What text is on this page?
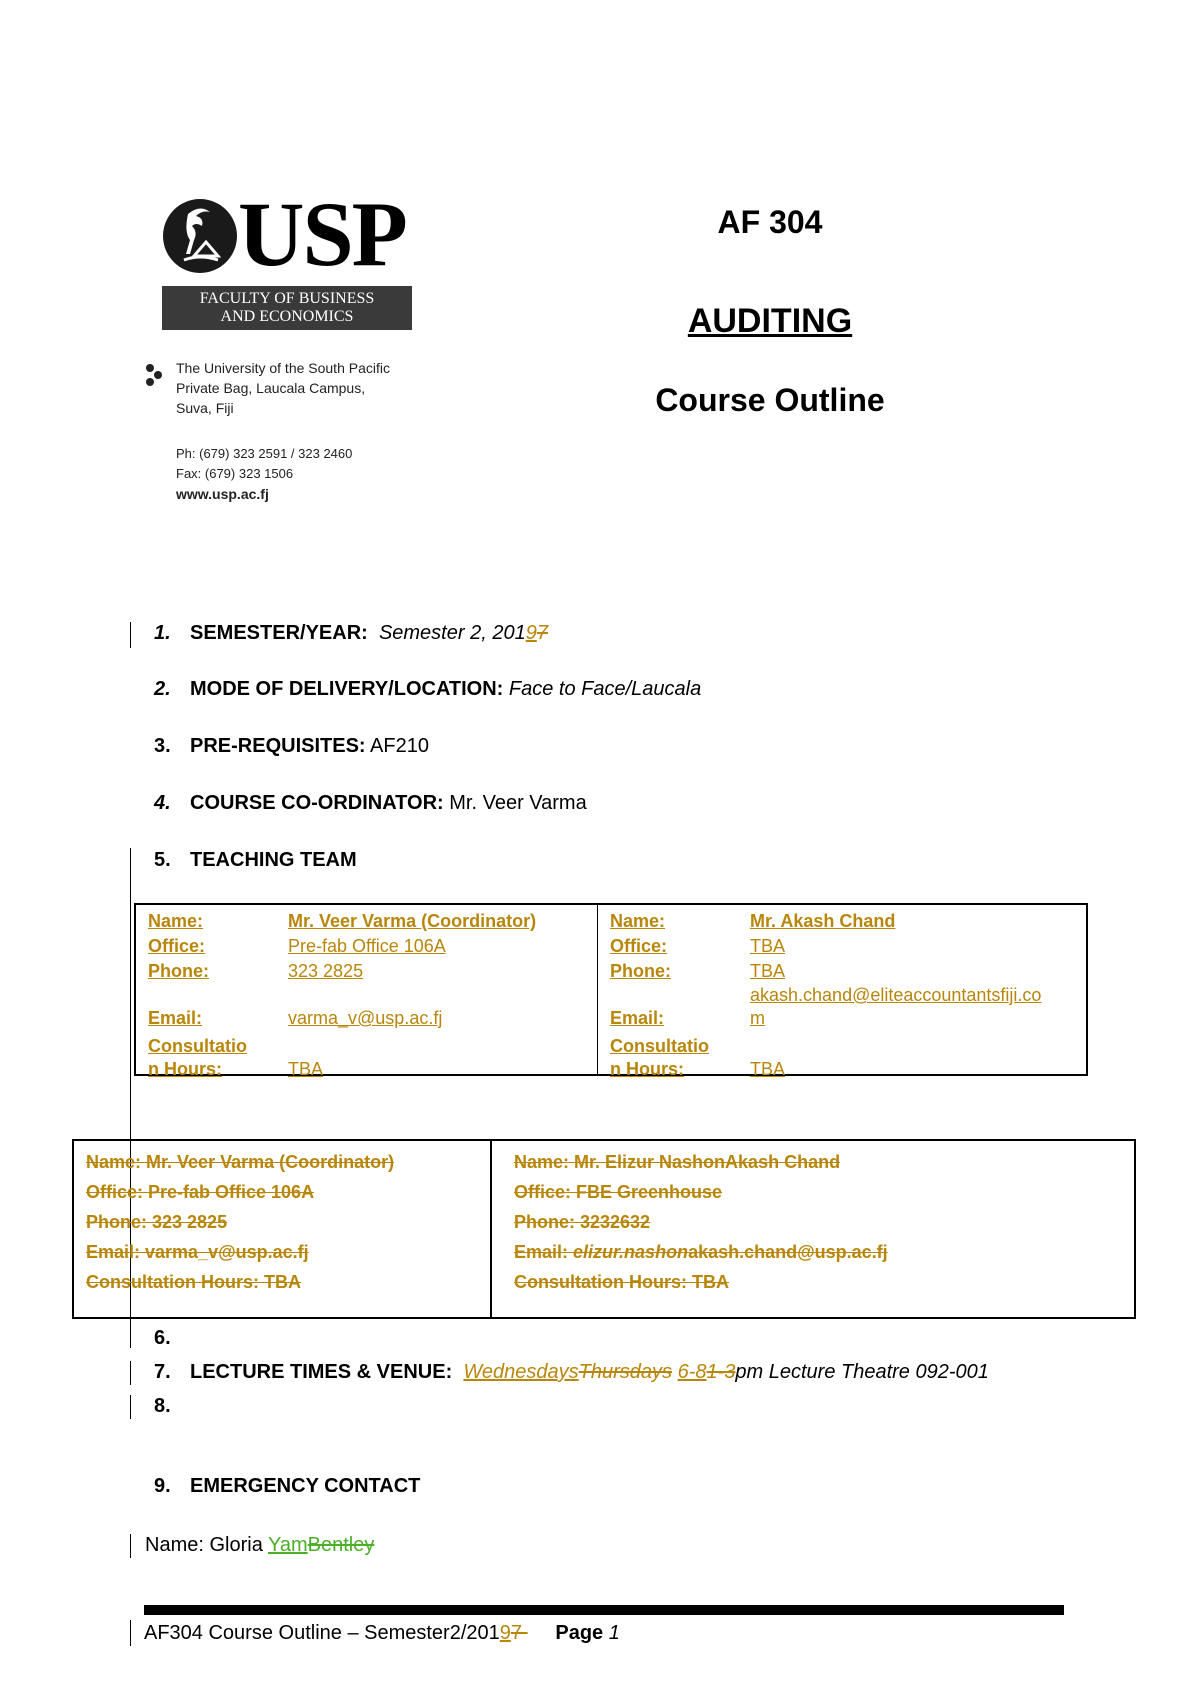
USP
FACULTY OF BUSINESS
AND ECONOMICS
The University of the South Pacific
Private Bag, Laucala Campus,
Suva, Fiji
Ph: (679) 323 2591 / 323 2460
Fax: (679) 323 1506
www.usp.ac.fj
AF 304
AUDITING
Course Outline
1. SEMESTER/YEAR: Semester 2, 20197
2. MODE OF DELIVERY/LOCATION: Face to Face/Laucala
3. PRE-REQUISITES: AF210
4. COURSE CO-ORDINATOR: Mr. Veer Varma
5. TEACHING TEAM
Name:	Mr. Veer Varma (Coordinator)
Office:	Pre-fab Office 106A
Phone:	323 2825
Email:	varma_v@usp.ac.fj
Consultatio
n Hours:	TBA
Name:	Mr. Akash Chand
Office:	TBA
Phone:	TBA
akash.chand@eliteaccountantsfiji.co
Email:	m
Consultatio
n Hours:	TBA
Name: Mr. Veer Varma (Coordinator)
Office: Pre-fab Office 106A
Phone: 323 2825
Email: varma_v@usp.ac.fj
Consultation Hours: TBA
Name: Mr. Elizur NashonAkash Chand
Office: FBE Greenhouse
Phone: 3232632
Email: elizur.nashonakash.chand@usp.ac.fj
Consultation Hours: TBA
6.
7. LECTURE TIMES & VENUE: WednesdaysThursdays 6-81-3pm Lecture Theatre 092-001
8.
9. EMERGENCY CONTACT
Name: Gloria YamBentley
AF304 Course Outline – Semester2/20197      Page 1
